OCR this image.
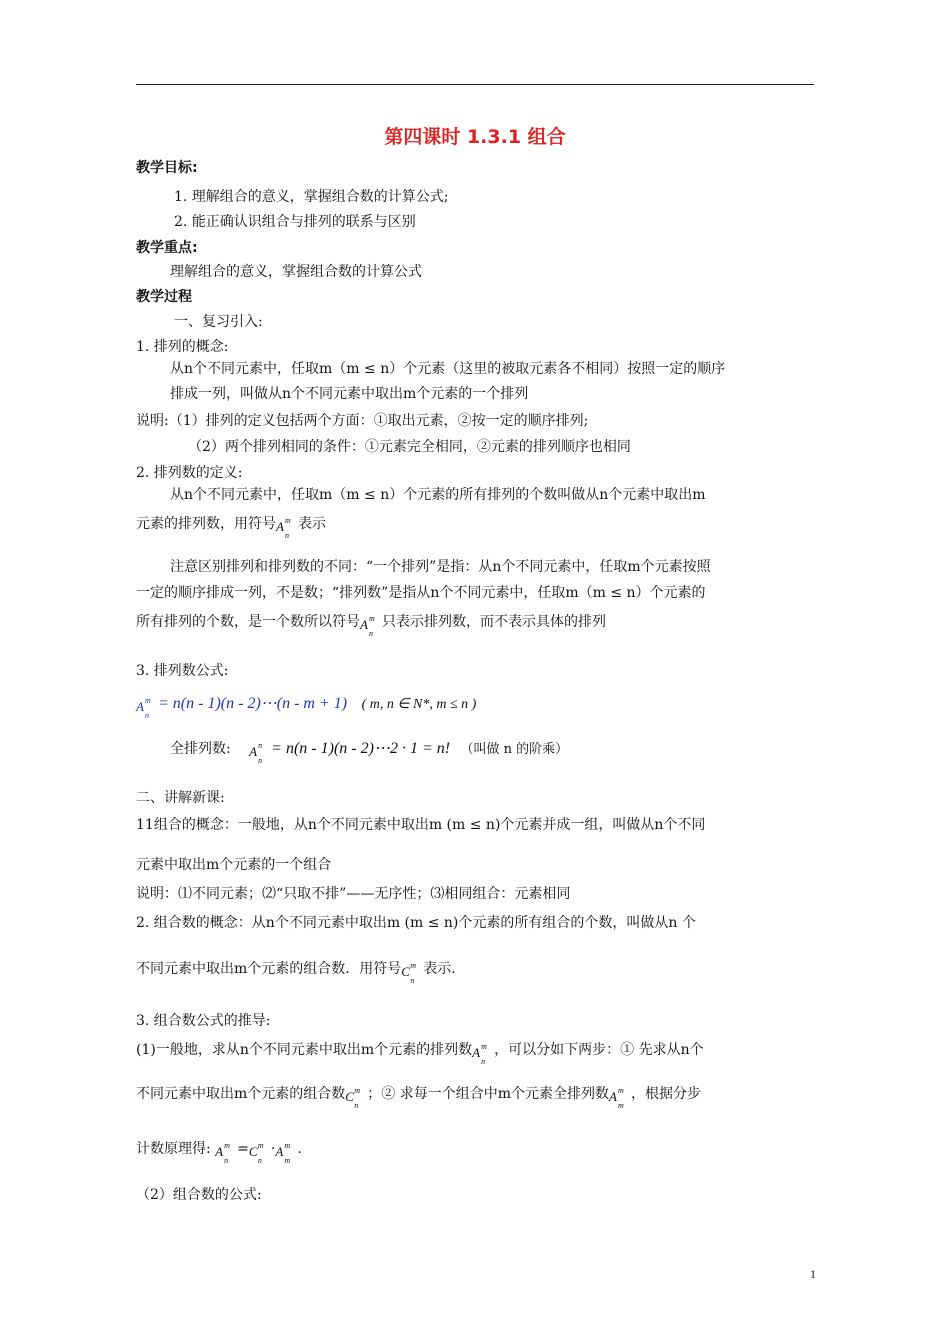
第四课时 1.3.1 组合
教学目标:
1. 理解组合的意义，掌握组合数的计算公式;
2. 能正确认识组合与排列的联系与区别
教学重点:
理解组合的意义，掌握组合数的计算公式
教学过程
一、复习引入:
1. 排列的概念:
从n个不同元素中，任取m（m ≤ n）个元素（这里的被取元素各不相同）按照一定的顺序
排成一列，叫做从n个不同元素中取出m个元素的一个排列
说明:（1）排列的定义包括两个方面：①取出元素，②按一定的顺序排列;
（2）两个排列相同的条件：①元素完全相同，②元素的排列顺序也相同
2. 排列数的定义:
从n个不同元素中，任取m（m ≤ n）个元素的所有排列的个数叫做从n个元素中取出m
元素的排列数，用符号 A m
n
表示
注意区别排列和排列数的不同：“一个排列”是指：从n个不同元素中，任取m个元素按照
一定的顺序排成一列，不是数；“排列数”是指从n个不同元素中，任取m（m ≤ n）个元素的
所有排列的个数，是一个数所以符号 A m
n
只表示排列数，而不表示具体的排列
3. 排列数公式:
A m
n
= n(n - 1)(n - 2)⋯(n - m + 1) ( m, n ∈ N*, m ≤ n )
全排列数: A n
n
= n(n - 1)(n - 2)⋯2 · 1 = n! （叫做 n 的阶乘）
二、讲解新课:
11组合的概念：一般地，从n个不同元素中取出m (m ≤ n)个元素并成一组，叫做从n个不同
元素中取出m个元素的一个组合
说明：⑴不同元素；⑵“只取不排”——无序性；⑶相同组合：元素相同
2. 组合数的概念：从n个不同元素中取出m (m ≤ n)个元素的所有组合的个数，叫做从n 个
不同元素中取出m个元素的组合数．用符号 C m
n
表示.
3. 组合数公式的推导:
(1)一般地，求从n个不同元素中取出m个元素的排列数 A m
n
，可以分如下两步：① 先求从n个
不同元素中取出m个元素的组合数 C m
n
；② 求每一个组合中m个元素全排列数 A m
m
，根据分步
计数原理得: A m
n
= C m
n
· A m
m
.
（2）组合数的公式:
1
